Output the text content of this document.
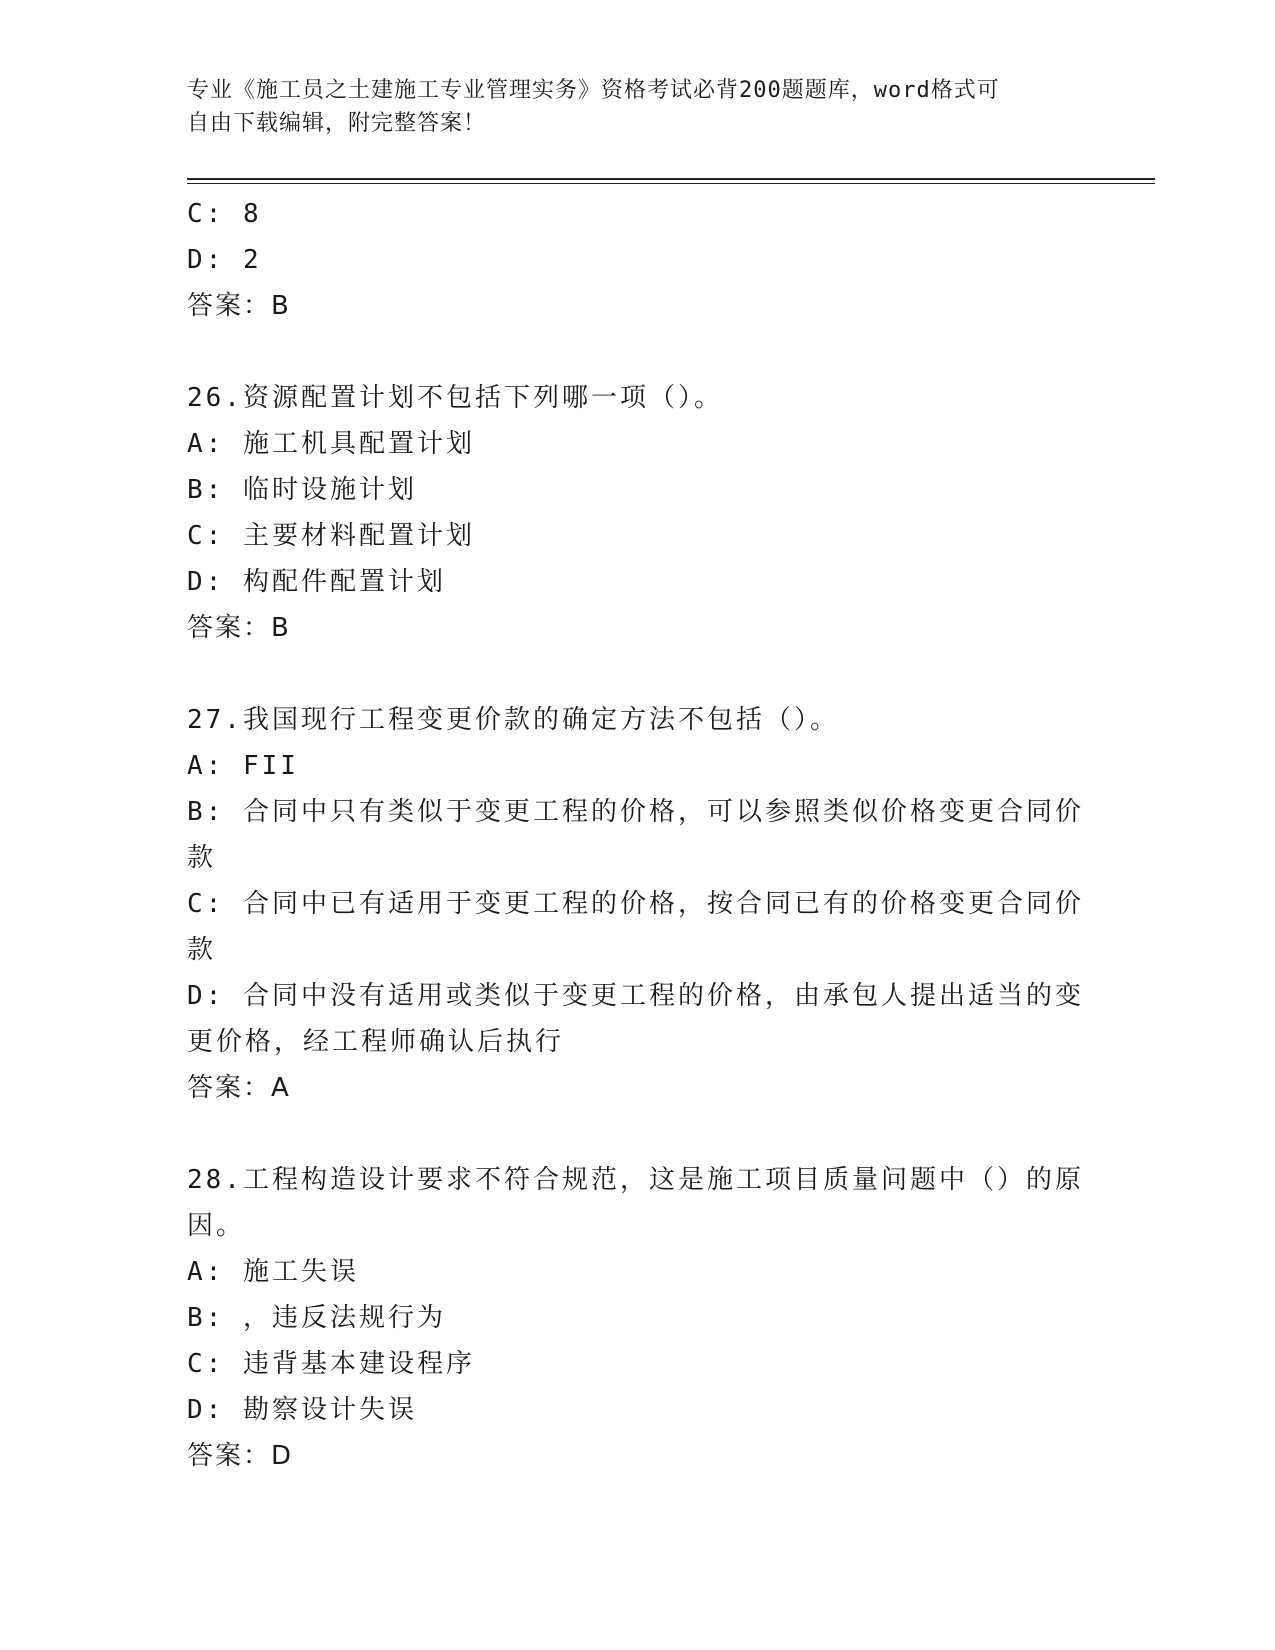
专业《施工员之土建施工专业管理实务》资格考试必背200题题库，word格式可
自由下载编辑，附完整答案！
C: 8
D: 2
答案：B
26.资源配置计划不包括下列哪一项（）。
A: 施工机具配置计划
B: 临时设施计划
C: 主要材料配置计划
D: 构配件配置计划
答案：B
27.我国现行工程变更价款的确定方法不包括（）。
A: FII
B: 合同中只有类似于变更工程的价格，可以参照类似价格变更合同价
款
C: 合同中已有适用于变更工程的价格，按合同已有的价格变更合同价
款
D: 合同中没有适用或类似于变更工程的价格，由承包人提出适当的变
更价格，经工程师确认后执行
答案：A
28.工程构造设计要求不符合规范，这是施工项目质量问题中（）的原
因。
A: 施工失误
B: ，违反法规行为
C: 违背基本建设程序
D: 勘察设计失误
答案：D
